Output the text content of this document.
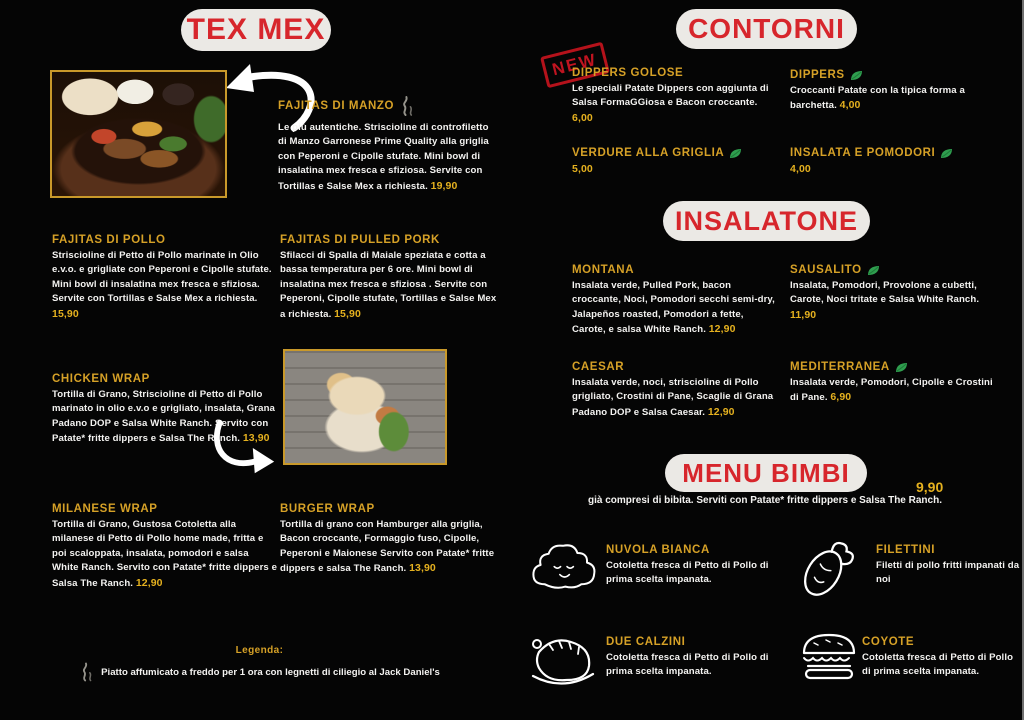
TEX MEX
FAJITAS DI MANZO

Le più autentiche. Striscioline di controfiletto di Manzo Garronese Prime Quality alla griglia con Peperoni e Cipolle stufate. Mini bowl di insalatina mex fresca e sfiziosa. Servite con Tortillas e Salse Mex a richiesta. 19,90

FAJITAS DI POLLO

Striscioline di Petto di Pollo marinate in Olio e.v.o. e grigliate con Peperoni e Cipolle stufate. Mini bowl di insalatina mex fresca e sfiziosa. Servite con Tortillas e Salse Mex a richiesta. 15,90

FAJITAS DI PULLED PORK

Sfilacci di Spalla di Maiale speziata e cotta a bassa temperatura per 6 ore. Mini bowl di insalatina mex fresca e sfiziosa . Servite con Peperoni, Cipolle stufate, Tortillas e Salse Mex a richiesta. 15,90

CHICKEN WRAP

Tortilla di Grano, Striscioline di Petto di Pollo marinato in olio e.v.o e grigliato, insalata, Grana Padano DOP e Salsa White Ranch. Servito con Patate* fritte dippers e Salsa The Ranch. 13,90

MILANESE WRAP

Tortilla di Grano, Gustosa Cotoletta alla milanese di Petto di Pollo home made, fritta e poi scaloppata, insalata, pomodori e salsa White Ranch. Servito con Patate* fritte dippers e Salsa The Ranch. 12,90

BURGER WRAP

Tortilla di grano con Hamburger alla griglia, Bacon croccante, Formaggio fuso, Cipolle, Peperoni e Maionese Servito con Patate* fritte dippers e salsa The Ranch. 13,90

Legenda:
Piatto affumicato a freddo per 1 ora con legnetti di ciliegio al Jack Daniel's
CONTORNI
NEW
DIPPERS GOLOSE

Le speciali Patate Dippers con aggiunta di Salsa FormaGGiosa e Bacon croccante. 6,00

DIPPERS

Croccanti Patate con la tipica forma a barchetta. 4,00

VERDURE ALLA GRIGLIA

5,00

INSALATA E POMODORI

4,00

INSALATONE
MONTANA

Insalata verde, Pulled Pork, bacon croccante, Noci, Pomodori secchi semi-dry, Jalapeños roasted, Pomodori a fette, Carote, e salsa White Ranch. 12,90

SAUSALITO

Insalata, Pomodori, Provolone a cubetti, Carote, Noci tritate e Salsa White Ranch. 11,90

CAESAR

Insalata verde, noci, striscioline di Pollo grigliato, Crostini di Pane, Scaglie di Grana Padano DOP e Salsa Caesar. 12,90

MEDITERRANEA

Insalata verde, Pomodori, Cipolle e Crostini di Pane. 6,90

MENU BIMBI	9,90
già compresi di bibita. Serviti con Patate* fritte dippers e Salsa The Ranch.
NUVOLA BIANCA

Cotoletta fresca di Petto di Pollo di prima scelta impanata.

FILETTINI

Filetti di pollo fritti impanati da noi

DUE CALZINI

Cotoletta fresca di Petto di Pollo di prima scelta impanata.

COYOTE

Cotoletta fresca di Petto di Pollo di prima scelta impanata.
